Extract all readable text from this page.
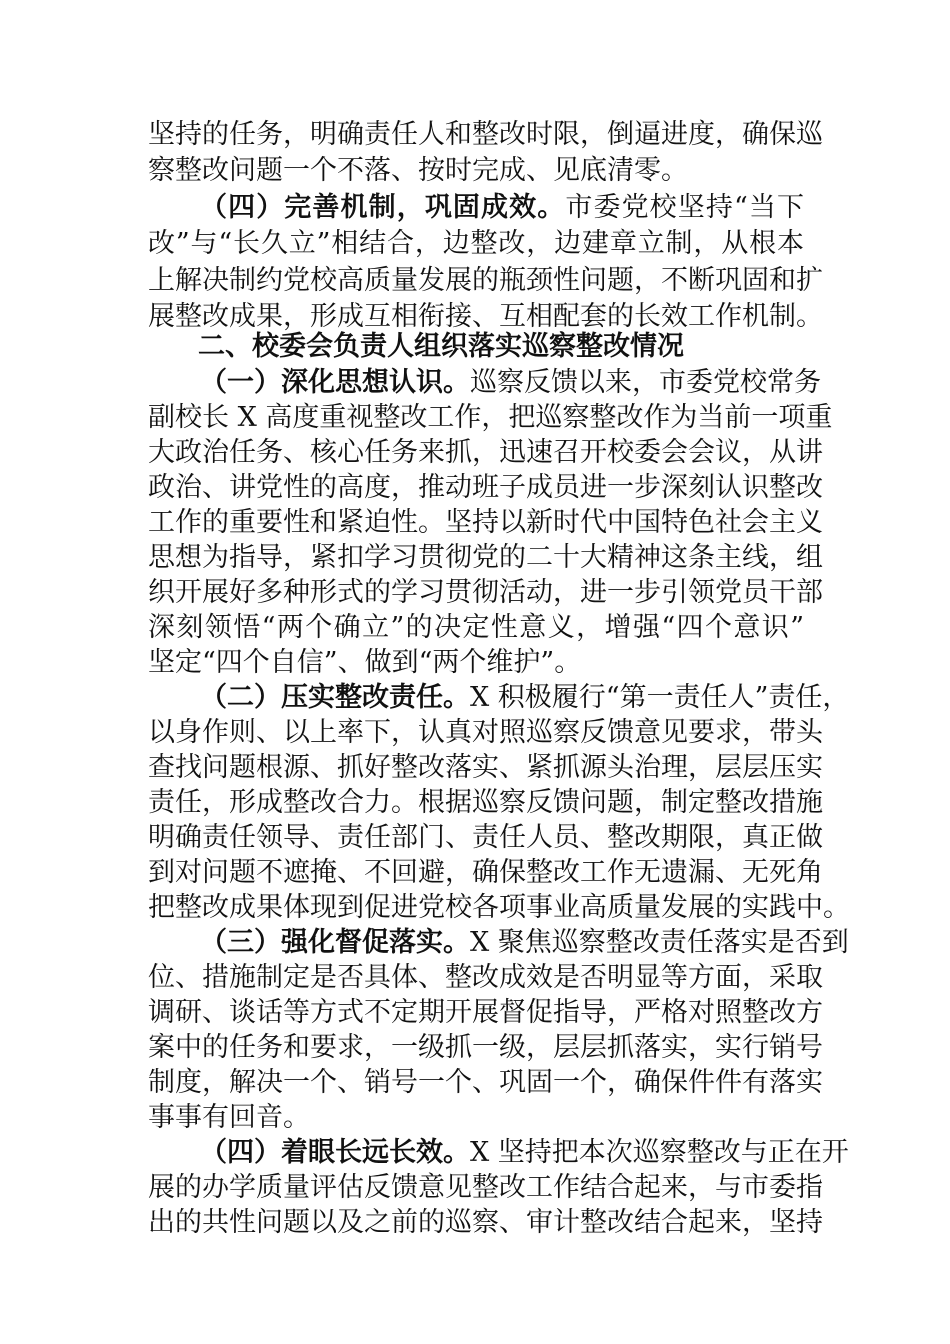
坚持的任务，明确责任人和整改时限，倒逼进度，确保巡
察整改问题一个不落、按时完成、见底清零。
（四）完善机制，巩固成效。市委党校坚持“当下
改”与“长久立”相结合，边整改，边建章立制，从根本
上解决制约党校高质量发展的瓶颈性问题，不断巩固和扩
展整改成果，形成互相衔接、互相配套的长效工作机制。
二、校委会负责人组织落实巡察整改情况
（一）深化思想认识。巡察反馈以来，市委党校常务
副校长 X 高度重视整改工作，把巡察整改作为当前一项重
大政治任务、核心任务来抓，迅速召开校委会会议，从讲
政治、讲党性的高度，推动班子成员进一步深刻认识整改
工作的重要性和紧迫性。坚持以新时代中国特色社会主义
思想为指导，紧扣学习贯彻党的二十大精神这条主线，组
织开展好多种形式的学习贯彻活动，进一步引领党员干部
深刻领悟“两个确立”的决定性意义，增强“四个意识”
坚定“四个自信”、做到“两个维护”。
（二）压实整改责任。X 积极履行“第一责任人”责任，
以身作则、以上率下，认真对照巡察反馈意见要求，带头
查找问题根源、抓好整改落实、紧抓源头治理，层层压实
责任，形成整改合力。根据巡察反馈问题，制定整改措施
明确责任领导、责任部门、责任人员、整改期限，真正做
到对问题不遮掩、不回避，确保整改工作无遗漏、无死角
把整改成果体现到促进党校各项事业高质量发展的实践中。
（三）强化督促落实。X 聚焦巡察整改责任落实是否到
位、措施制定是否具体、整改成效是否明显等方面，采取
调研、谈话等方式不定期开展督促指导，严格对照整改方
案中的任务和要求，一级抓一级，层层抓落实，实行销号
制度，解决一个、销号一个、巩固一个，确保件件有落实
事事有回音。
（四）着眼长远长效。X 坚持把本次巡察整改与正在开
展的办学质量评估反馈意见整改工作结合起来，与市委指
出的共性问题以及之前的巡察、审计整改结合起来，坚持
